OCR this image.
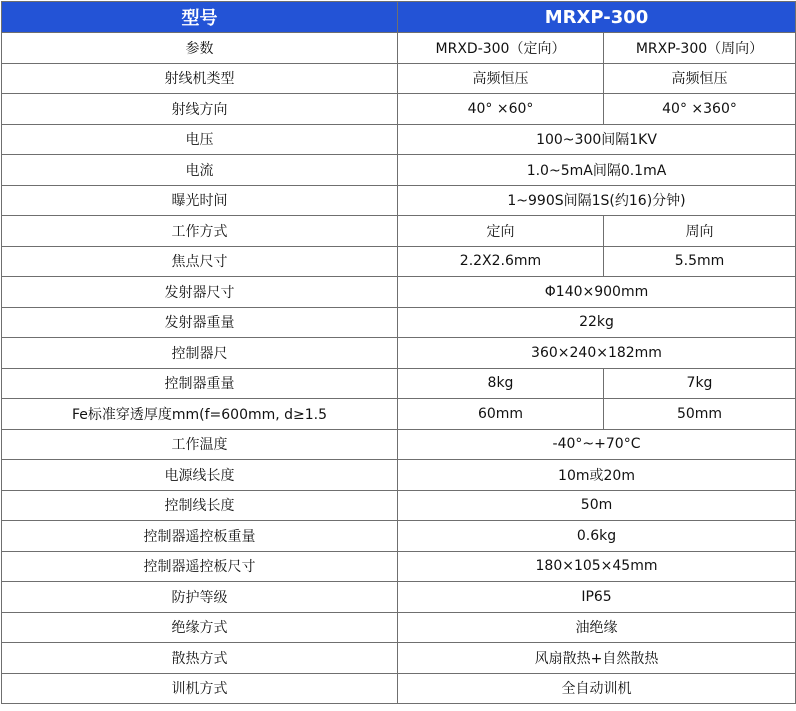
型号	MRXP-300	
参数	MRXD-300（定向）	MRXP-300（周向）
射线机类型	高频恒压	高频恒压
射线方向	40° ×60°	40° ×360°
电压	100~300间隔1KV	
电流	1.0~5mA间隔0.1mA	
曝光时间	1~990S间隔1S(约16)分钟)	
工作方式	定向	周向
焦点尺寸	2.2X2.6mm	5.5mm
发射器尺寸	Φ140×900mm	
发射器重量	22kg	
控制器尺	360×240×182mm	
控制器重量	8kg	7kg
Fe标准穿透厚度mm(f=600mm, d≥1.5	60mm	50mm
工作温度	-40°~+70°C	
电源线长度	10m或20m	
控制线长度	50m	
控制器遥控板重量	0.6kg	
控制器遥控板尺寸	180×105×45mm	
防护等级	IP65	
绝缘方式	油绝缘	
散热方式	风扇散热+自然散热	
训机方式	全自动训机	
